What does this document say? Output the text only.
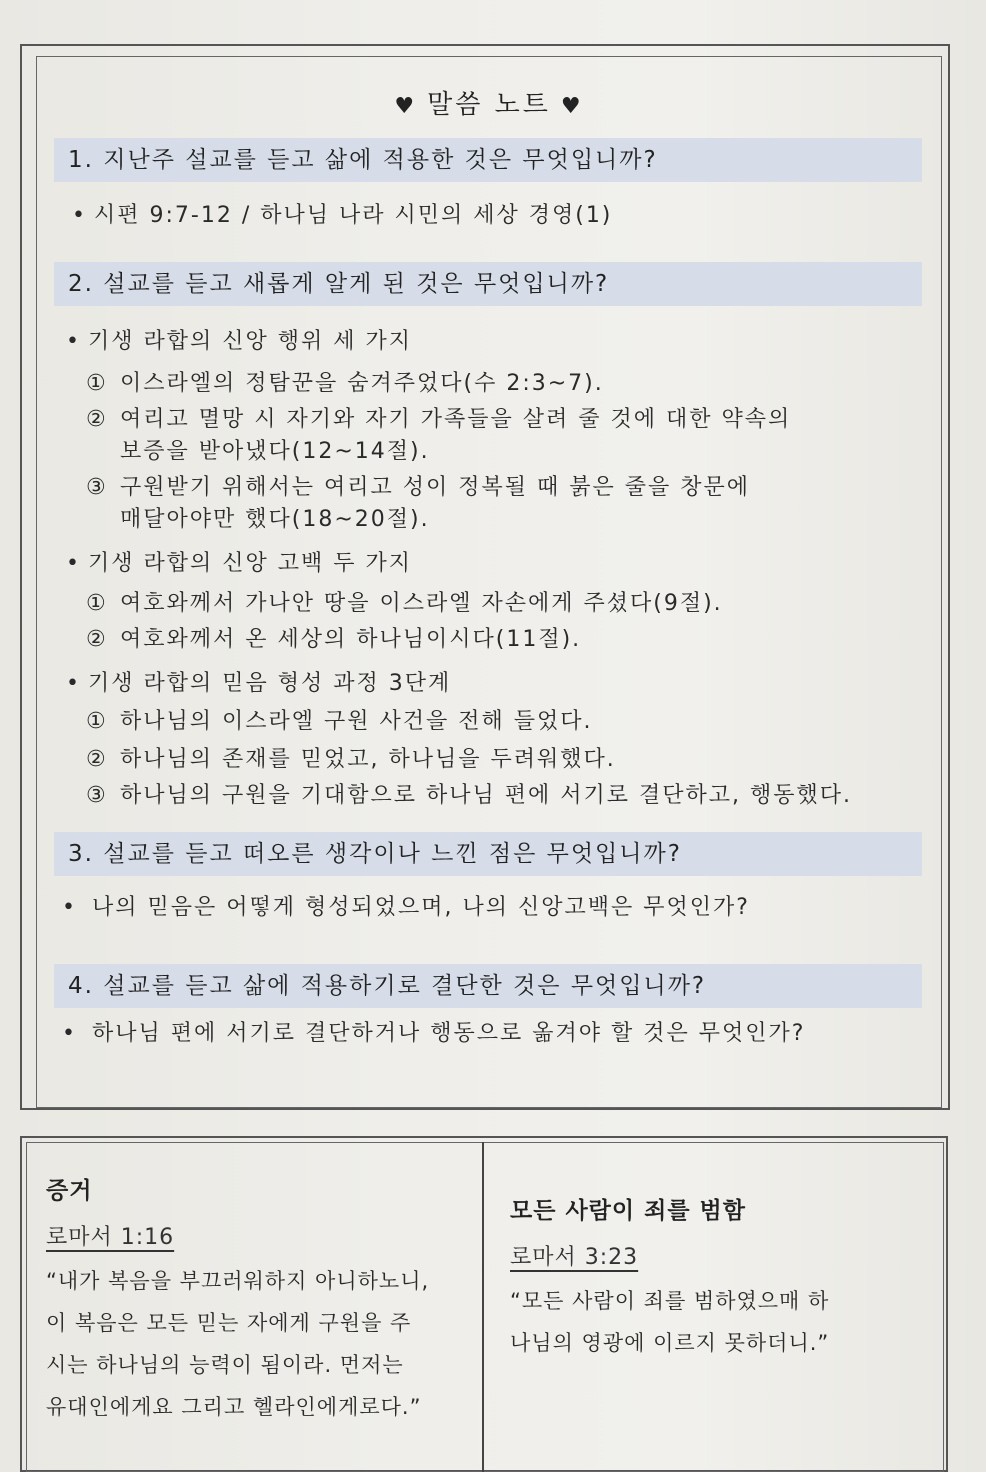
♥ 말씀 노트 ♥
1. 지난주 설교를 듣고 삶에 적용한 것은 무엇입니까?
• 시편 9:7-12 / 하나님 나라 시민의 세상 경영(1)
2. 설교를 듣고 새롭게 알게 된 것은 무엇입니까?
• 기생 라합의 신앙 행위 세 가지
① 이스라엘의 정탐꾼을 숨겨주었다(수 2:3~7).
② 여리고 멸망 시 자기와 자기 가족들을 살려 줄 것에 대한 약속의
보증을 받아냈다(12~14절).
③ 구원받기 위해서는 여리고 성이 정복될 때 붉은 줄을 창문에
매달아야만 했다(18~20절).
• 기생 라합의 신앙 고백 두 가지
① 여호와께서 가나안 땅을 이스라엘 자손에게 주셨다(9절).
② 여호와께서 온 세상의 하나님이시다(11절).
• 기생 라합의 믿음 형성 과정 3단계
① 하나님의 이스라엘 구원 사건을 전해 들었다.
② 하나님의 존재를 믿었고, 하나님을 두려워했다.
③ 하나님의 구원을 기대함으로 하나님 편에 서기로 결단하고, 행동했다.
3. 설교를 듣고 떠오른 생각이나 느낀 점은 무엇입니까?
• 나의 믿음은 어떻게 형성되었으며, 나의 신앙고백은 무엇인가?
4. 설교를 듣고 삶에 적용하기로 결단한 것은 무엇입니까?
• 하나님 편에 서기로 결단하거나 행동으로 옮겨야 할 것은 무엇인가?
증거
로마서 1:16
“내가 복음을 부끄러워하지 아니하노니,
이 복음은 모든 믿는 자에게 구원을 주
시는 하나님의 능력이 됨이라. 먼저는
유대인에게요 그리고 헬라인에게로다.”
모든 사람이 죄를 범함
로마서 3:23
“모든 사람이 죄를 범하였으매 하
나님의 영광에 이르지 못하더니.”
